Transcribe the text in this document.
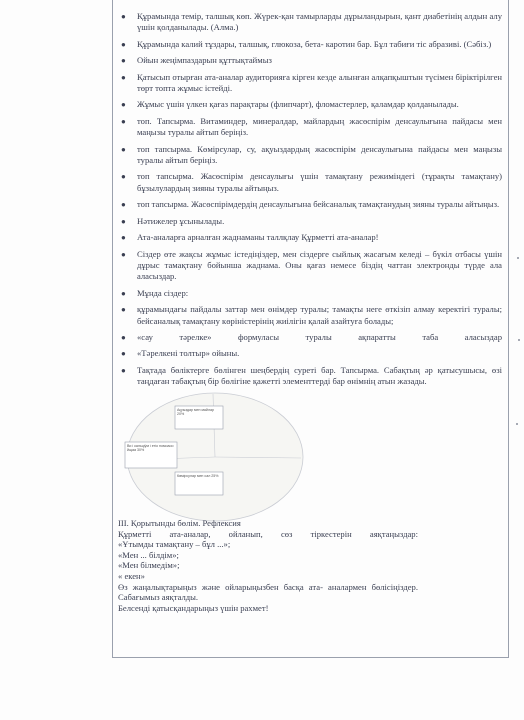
● Құрамында темір, талшық көп. Жүрек-қан тамырларды дұрыландырын, қант диабетінің алдын алу үшін қолданылады. (Алма.)
● Құрамында калий тұздары, талшық, глюкоза, бета- каротин бар. Бұл табиғи тіс абразиві. (Сәбіз.)
● Ойын жеңімпаздарын құттықтаймыз
● Қатысып отырған ата-аналар аудиторияға кірген кезде алынған алқапқыштын түсімен біріктірілген төрт топта жұмыс істейді.
● Жұмыс үшін үлкен қағаз парақтары (флипчарт), фломастерлер, қаламдар қолданылады.
● топ. Тапсырма. Витаминдер, минералдар, майлардың жасөспірім денсаулығына пайдасы мен маңызы туралы айтып беріңіз.
● топ тапсырма. Көмірсулар, су, ақуыздардың жасөспірім денсаулығына пайдасы мен маңызы туралы айтып беріңіз.
● топ тапсырма. Жасөспірім денсаулығы үшін тамақтану режиміндегі (тұрақты тамақтану) бұзылулардың зияны туралы айтыңыз.
● топ тапсырма. Жасөспірімдердің денсаулығына бейсаналық тамақтанудың зияны туралы айтыңыз.
● Нәтижелер ұсынылады.
● Ата-аналарға арналған жаднаманы таллқлау Құрметті ата-аналар!
● Сіздер өте жақсы жұмыс істедіңіздер, мен сіздерге сыйлық жасағым келеді – бүкіл отбасы үшін дұрыс тамақтану бойынша жаднама. Оны қағаз немесе біздің чаттан электронды түрде ала аласыздар.
● Мұнда сіздер:
● құрамындағы пайдалы заттар мен өнімдер туралы; тамақты неге өткізіп алмау керектігі туралы; бейсаналық тамақтану көріністерінің жиілігін қалай азайтуға болады;
● «сау тәрелке» формуласы туралы ақпаратты таба аласыздар
● «Тәрелкені толтыр» ойыны.
● Тақтада бөліктерге бөлінген шеңбердің суреті бар. Тапсырма. Сабақтың әр қатысушысы, өзі таңдаған табақтың бір бөлігіне қажетті элементтерді бар өнімнің атын жазады.
Ви і кальціу́м і етіо помоаоо йщаа 30%
Ақуыздар мен майлар 20%
Көмірсулар мен сал 25%
III. Қорытынды бөлім. Рефлексия
Құрметті ата-аналар, ойланып, сөз тіркестерін аяқтаңыздар:
«Ұтымды тамақтану – бұл ...»;
«Мен ... білдім»;
«Мен білмедім»;
« екен»
Өз жаңалықтарыңыз және ойларыңызбен басқа ата- аналармен бөлісіңіздер.
Сабағымыз аяқталды.
Белсенді қатысқандарыңыз үшін рахмет!
